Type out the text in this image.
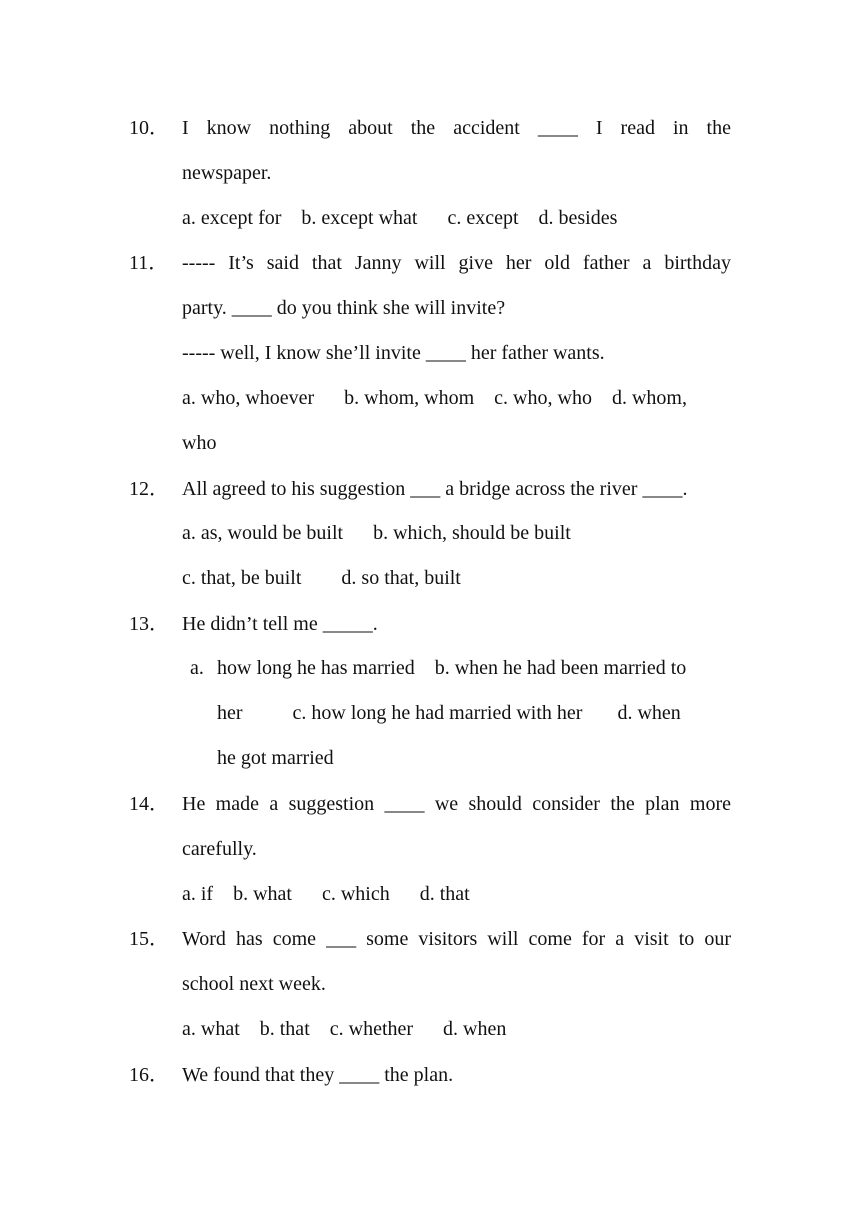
10． I know nothing about the accident ____ I read in the
newspaper.
a. except for    b. except what      c. except    d. besides
11． ----- It’s said that Janny will give her old father a birthday
party. ____ do you think she will invite?
----- well, I know she’ll invite ____ her father wants.
a. who, whoever      b. whom, whom    c. who, who    d. whom,
who
12． All agreed to his suggestion ___ a bridge across the river ____.
a. as, would be built      b. which, should be built
c. that, be built        d. so that, built
13． He didn’t tell me _____.
a. how long he has married    b. when he had been married to
her          c. how long he had married with her       d. when
he got married
14． He made a suggestion ____ we should consider the plan more
carefully.
a. if    b. what      c. which      d. that
15． Word has come ___ some visitors will come for a visit to our
school next week.
a. what    b. that    c. whether      d. when
16． We found that they ____ the plan.
